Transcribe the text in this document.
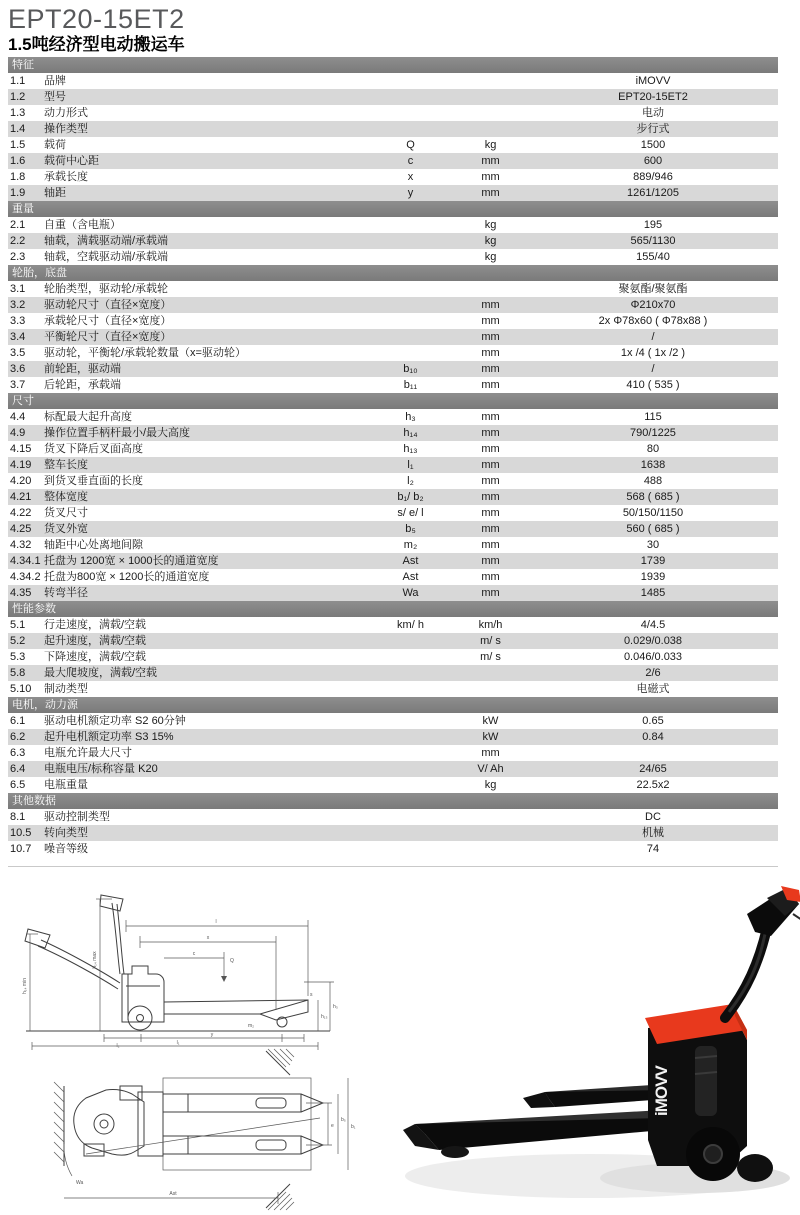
EPT20-15ET2
1.5吨经济型电动搬运车
特征
1.1	品牌	iMOVV
1.2	型号	EPT20-15ET2
1.3	动力形式	电动
1.4	操作类型	步行式
1.5	载荷	Q	kg	1500
1.6	载荷中心距	c	mm	600
1.8	承载长度	x	mm	889/946
1.9	轴距	y	mm	1261/1205
重量
2.1	自重（含电瓶）	kg	195
2.2	轴载，满载驱动端/承载端	kg	565/1130
2.3	轴载，空载驱动端/承载端	kg	155/40
轮胎，底盘
3.1	轮胎类型，驱动轮/承载轮	聚氨酯/聚氨酯
3.2	驱动轮尺寸（直径×宽度）	mm	Φ210x70
3.3	承载轮尺寸（直径×宽度）	mm	2x Φ78x60 ( Φ78x88 )
3.4	平衡轮尺寸（直径×宽度）	mm	/
3.5	驱动轮，平衡轮/承载轮数量（x=驱动轮）	mm	1x /4 ( 1x /2 )
3.6	前轮距，驱动端	b₁₀	mm	/
3.7	后轮距，承载端	b₁₁	mm	410 ( 535 )
尺寸
4.4	标配最大起升高度	h₃	mm	115
4.9	操作位置手柄杆最小/最大高度	h₁₄	mm	790/1225
4.15	货叉下降后叉面高度	h₁₃	mm	80
4.19	整车长度	l₁	mm	1638
4.20	到货叉垂直面的长度	l₂	mm	488
4.21	整体宽度	b₁/ b₂	mm	568 ( 685 )
4.22	货叉尺寸	s/ e/ l	mm	50/150/1150
4.25	货叉外宽	b₅	mm	560 ( 685 )
4.32	轴距中心处离地间隙	m₂	mm	30
4.34.1 托盘为 1200宽 × 1000长的通道宽度	Ast	mm	1739
4.34.2 托盘为800宽 × 1200长的通道宽度	Ast	mm	1939
4.35	转弯半径	Wa	mm	1485
性能参数
5.1	行走速度，满载/空载	km/ h	km/h	4/4.5
5.2	起升速度，满载/空载	m/ s	0.029/0.038
5.3	下降速度，满载/空载	m/ s	0.046/0.033
5.8	最大爬坡度，满载/空载	2/6
5.10	制动类型	电磁式
电机，动力源
6.1	驱动电机额定功率 S2 60分钟	kW	0.65
6.2	起升电机额定功率 S3 15%	kW	0.84
6.3	电瓶允许最大尺寸	mm
6.4	电瓶电压/标称容量 K20	V/ Ah	24/65
6.5	电瓶重量	kg	22.5x2
其他数据
8.1	驱动控制类型	DC
10.5	转向类型	机械
10.7	噪音等级	74
l
x
c
Q
h₁₄ min
h₁₄ max
h₁₃
h₃
s
m₂
l₂
y
l₁
Wa
e
b₅
b₁
Ast
iMOVV
